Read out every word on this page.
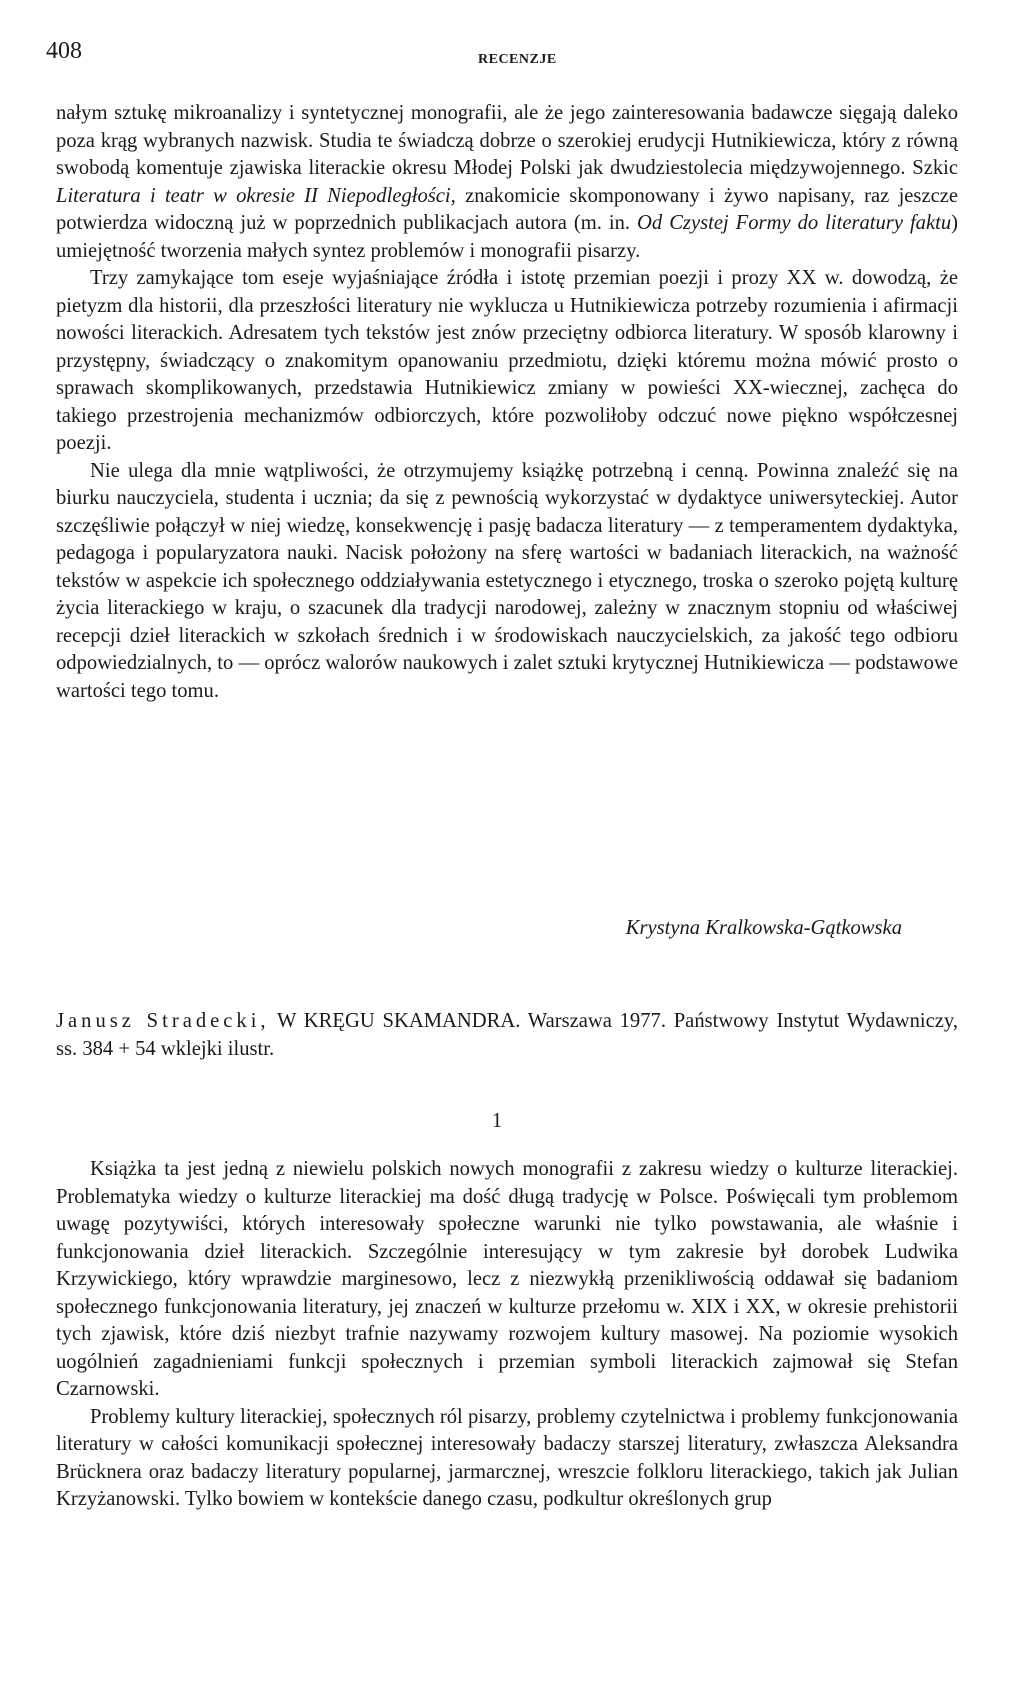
408	RECENZJE

nałym sztukę mikroanalizy i syntetycznej monografii, ale że jego zainteresowania badawcze sięgają daleko poza krąg wybranych nazwisk. Studia te świadczą dobrze o szerokiej erudycji Hutnikiewicza, który z równą swobodą komentuje zjawiska literackie okresu Młodej Polski jak dwudziestolecia międzywojennego. Szkic Literatura i teatr w okresie II Niepodległości, znakomicie skomponowany i żywo napisany, raz jeszcze potwierdza widoczną już w poprzednich publikacjach autora (m. in. Od Czystej Formy do literatury faktu) umiejętność tworzenia małych syntez problemów i monografii pisarzy.

Trzy zamykające tom eseje wyjaśniające źródła i istotę przemian poezji i prozy XX w. dowodzą, że pietyzm dla historii, dla przeszłości literatury nie wyklucza u Hutnikiewicza potrzeby rozumienia i afirmacji nowości literackich. Adresatem tych tekstów jest znów przeciętny odbiorca literatury. W sposób klarowny i przystępny, świadczący o znakomitym opanowaniu przedmiotu, dzięki któremu można mówić prosto o sprawach skomplikowanych, przedstawia Hutnikiewicz zmiany w powieści XX-wiecznej, zachęca do takiego przestrojenia mechanizmów odbiorczych, które pozwoliłoby odczuć nowe piękno współczesnej poezji.

Nie ulega dla mnie wątpliwości, że otrzymujemy książkę potrzebną i cenną. Powinna znaleźć się na biurku nauczyciela, studenta i ucznia; da się z pewnością wykorzystać w dydaktyce uniwersyteckiej. Autor szczęśliwie połączył w niej wiedzę, konsekwencję i pasję badacza literatury — z temperamentem dydaktyka, pedagoga i popularyzatora nauki. Nacisk położony na sferę wartości w badaniach literackich, na ważność tekstów w aspekcie ich społecznego oddziaływania estetycznego i etycznego, troska o szeroko pojętą kulturę życia literackiego w kraju, o szacunek dla tradycji narodowej, zależny w znacznym stopniu od właściwej recepcji dzieł literackich w szkołach średnich i w środowiskach nauczycielskich, za jakość tego odbioru odpowiedzialnych, to — oprócz walorów naukowych i zalet sztuki krytycznej Hutnikiewicza — podstawowe wartości tego tomu.

Krystyna Kralkowska-Gątkowska
Janusz Stradecki, W KRĘGU SKAMANDRA. Warszawa 1977. Państwowy Instytut Wydawniczy, ss. 384 + 54 wklejki ilustr.
1

Książka ta jest jedną z niewielu polskich nowych monografii z zakresu wiedzy o kulturze literackiej. Problematyka wiedzy o kulturze literackiej ma dość długą tradycję w Polsce. Poświęcali tym problemom uwagę pozytywiści, których interesowały społeczne warunki nie tylko powstawania, ale właśnie i funkcjonowania dzieł literackich. Szczególnie interesujący w tym zakresie był dorobek Ludwika Krzywickiego, który wprawdzie marginesowo, lecz z niezwykłą przenikliwością oddawał się badaniom społecznego funkcjonowania literatury, jej znaczeń w kulturze przełomu w. XIX i XX, w okresie prehistorii tych zjawisk, które dziś niezbyt trafnie nazywamy rozwojem kultury masowej. Na poziomie wysokich uogólnień zagadnieniami funkcji społecznych i przemian symboli literackich zajmował się Stefan Czarnowski.

Problemy kultury literackiej, społecznych ról pisarzy, problemy czytelnictwa i problemy funkcjonowania literatury w całości komunikacji społecznej interesowały badaczy starszej literatury, zwłaszcza Aleksandra Brücknera oraz badaczy literatury popularnej, jarmarcznej, wreszcie folkloru literackiego, takich jak Julian Krzyżanowski. Tylko bowiem w kontekście danego czasu, podkultur określonych grup
